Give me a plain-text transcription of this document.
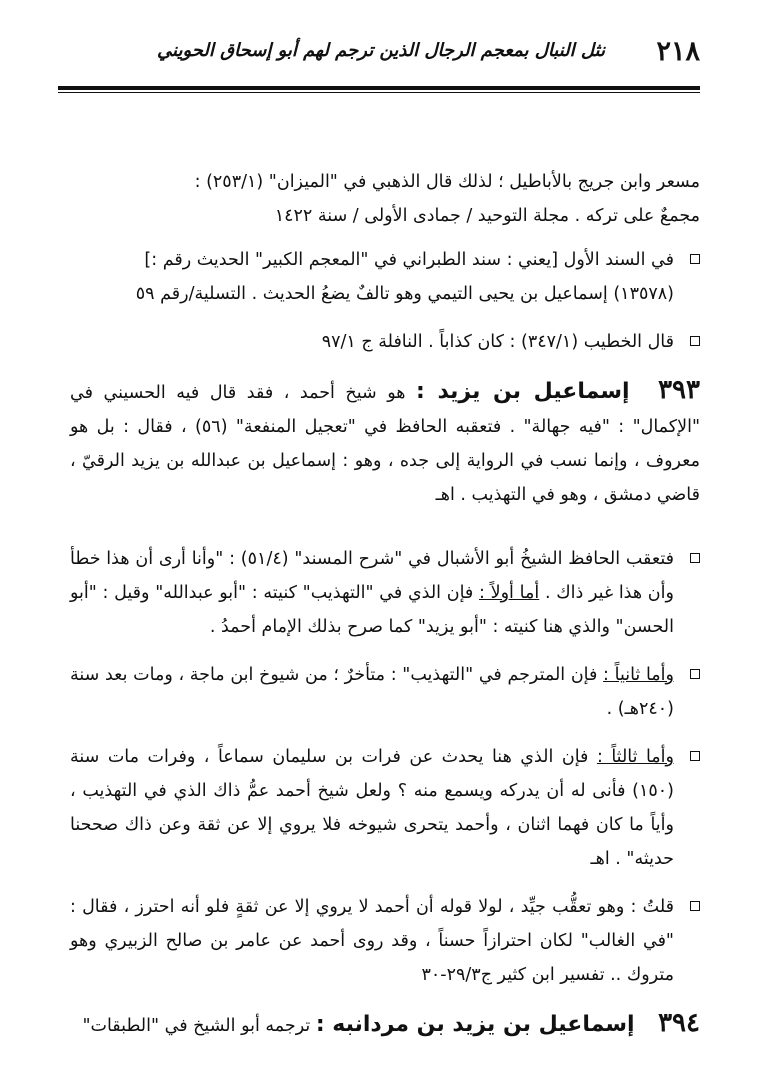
٢١٨
نثل النبال بمعجم الرجال الذين ترجم لهم أبو إسحاق الحويني

مسعر وابن جريج بالأباطيل ؛ لذلك قال الذهبي في "الميزان" (٢٥٣/١) :
مجمعٌ على تركه . مجلة التوحيد / جمادى الأولى / سنة ١٤٢٢

في السند الأول [يعني : سند الطبراني في "المعجم الكبير" الحديث رقم :]
(١٣٥٧٨) إسماعيل بن يحيى التيمي وهو تالفٌ يضعُ الحديث . التسلية/رقم ٥٩
قال الخطيب (٣٤٧/١) : كان كذاباً . النافلة ج ٩٧/١
٣٩٣ إسماعيل بن يزيد : هو شيخ أحمد ، فقد قال فيه الحسيني في "الإكمال" : "فيه جهالة" . فتعقبه الحافظ في "تعجيل المنفعة" (٥٦) ، فقال : بل هو معروف ، وإنما نسب في الرواية إلى جده ، وهو : إسماعيل بن عبدالله بن يزيد الرقيّ ، قاضي دمشق ، وهو في التهذيب . اهـ
فتعقب الحافظ الشيخُ أبو الأشبال في "شرح المسند" (٥١/٤) : "وأنا أرى أن هذا خطأ وأن هذا غير ذاك . أما أولاً : فإن الذي في "التهذيب" كنيته : "أبو عبدالله" وقيل : "أبو الحسن" والذي هنا كنيته : "أبو يزيد" كما صرح بذلك الإمام أحمدُ .
وأما ثانياً : فإن المترجم في "التهذيب" : متأخرٌ ؛ من شيوخ ابن ماجة ، ومات بعد سنة (٢٤٠هـ) .
وأما ثالثاً : فإن الذي هنا يحدث عن فرات بن سليمان سماعاً ، وفرات مات سنة (١٥٠) فأنى له أن يدركه ويسمع منه ؟ ولعل شيخ أحمد عمُّ ذاك الذي في التهذيب ، وأياً ما كان فهما اثنان ، وأحمد يتحرى شيوخه فلا يروي إلا عن ثقة وعن ذاك صححنا حديثه" . اهـ
قلتُ : وهو تعقُّب جيِّد ، لولا قوله أن أحمد لا يروي إلا عن ثقةٍ فلو أنه احترز ، فقال : "في الغالب" لكان احترازاً حسناً ، وقد روى أحمد عن عامر بن صالح الزبيري وهو متروك .. تفسير ابن كثير ج٢٩/٣-٣٠
٣٩٤ إسماعيل بن يزيد بن مردانبه : ترجمه أبو الشيخ في "الطبقات"
